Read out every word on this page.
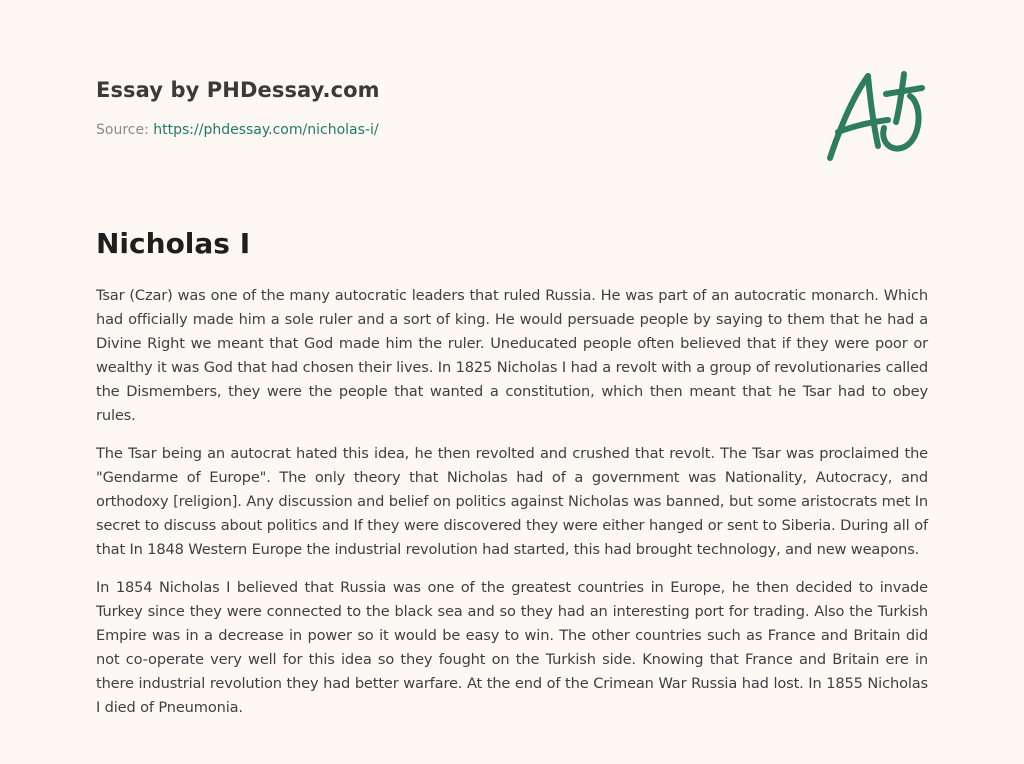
Essay by PHDessay.com
Source: https://phdessay.com/nicholas-i/
Nicholas I

Tsar (Czar) was one of the many autocratic leaders that ruled Russia. He was part of an autocratic monarch. Which had officially made him a sole ruler and a sort of king. He would persuade people by saying to them that he had a Divine Right we meant that God made him the ruler. Uneducated people often believed that if they were poor or wealthy it was God that had chosen their lives. In 1825 Nicholas I had a revolt with a group of revolutionaries called the Dismembers, they were the people that wanted a constitution, which then meant that he Tsar had to obey rules.

The Tsar being an autocrat hated this idea, he then revolted and crushed that revolt. The Tsar was proclaimed the "Gendarme of Europe". The only theory that Nicholas had of a government was Nationality, Autocracy, and orthodoxy [religion]. Any discussion and belief on politics against Nicholas was banned, but some aristocrats met In secret to discuss about politics and If they were discovered they were either hanged or sent to Siberia. During all of that In 1848 Western Europe the industrial revolution had started, this had brought technology, and new weapons.

In 1854 Nicholas I believed that Russia was one of the greatest countries in Europe, he then decided to invade Turkey since they were connected to the black sea and so they had an interesting port for trading. Also the Turkish Empire was in a decrease in power so it would be easy to win. The other countries such as France and Britain did not co-operate very well for this idea so they fought on the Turkish side. Knowing that France and Britain ere in there industrial revolution they had better warfare. At the end of the Crimean War Russia had lost. In 1855 Nicholas I died of Pneumonia.
